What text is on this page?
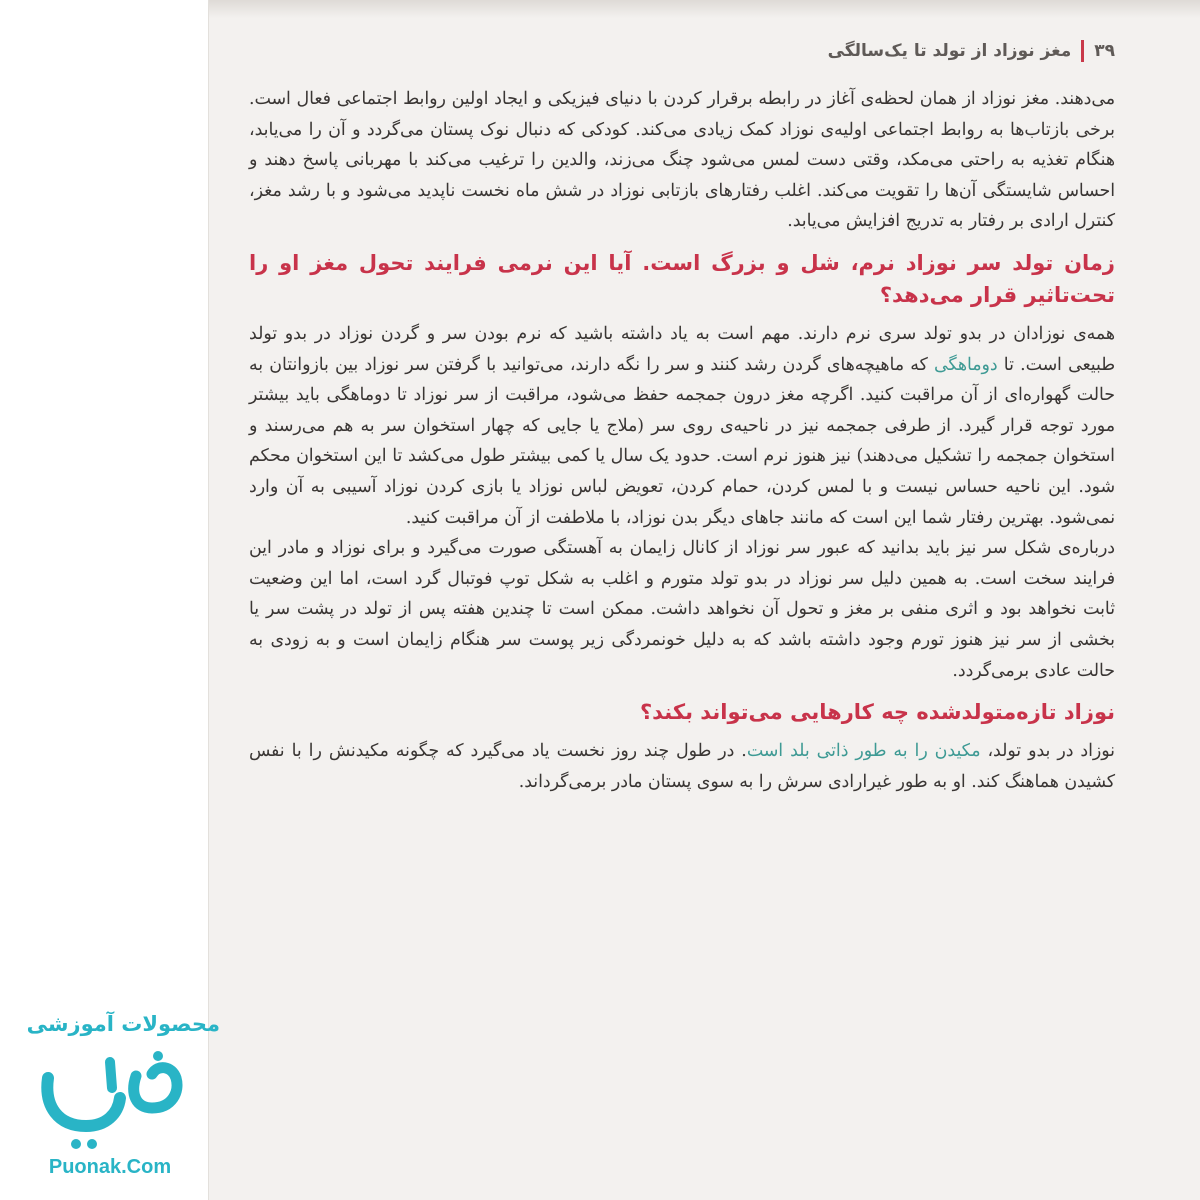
۳۹
مغز نوزاد از تولد تا یک‌سالگی

می‌دهند. مغز نوزاد از همان لحظه‌ی آغاز در رابطه برقرار کردن با دنیای فیزیکی و ایجاد اولین روابط اجتماعی فعال است. برخی بازتاب‌ها به روابط اجتماعی اولیه‌ی نوزاد کمک زیادی می‌کند. کودکی که دنبال نوک پستان می‌گردد و آن را می‌یابد، هنگام تغذیه به راحتی می‌مکد، وقتی دست لمس می‌شود چنگ می‌زند، والدین را ترغیب می‌کند با مهربانی پاسخ دهند و احساس شایستگی آن‌ها را تقویت می‌کند. اغلب رفتارهای بازتابی نوزاد در شش ماه نخست ناپدید می‌شود و با رشد مغز، کنترل ارادی بر رفتار به تدریج افزایش می‌یابد.

زمان تولد سر نوزاد نرم، شل و بزرگ است. آیا این نرمی فرایند تحول مغز او را تحت‌تاثیر قرار می‌دهد؟

همه‌ی نوزادان در بدو تولد سری نرم دارند. مهم است به یاد داشته باشید که نرم بودن سر و گردن نوزاد در بدو تولد طبیعی است. تا دوماهگی که ماهیچه‌های گردن رشد کنند و سر را نگه دارند، می‌توانید با گرفتن سر نوزاد بین بازوانتان به حالت گهواره‌ای از آن مراقبت کنید. اگرچه مغز درون جمجمه حفظ می‌شود، مراقبت از سر نوزاد تا دوماهگی باید بیشتر مورد توجه قرار گیرد. از طرفی جمجمه نیز در ناحیه‌ی روی سر (ملاج یا جایی که چهار استخوان سر به هم می‌رسند و استخوان جمجمه را تشکیل می‌دهند) نیز هنوز نرم است. حدود یک سال یا کمی بیشتر طول می‌کشد تا این استخوان محکم شود. این ناحیه حساس نیست و با لمس کردن، حمام کردن، تعویض لباس نوزاد یا بازی کردن نوزاد آسیبی به آن وارد نمی‌شود. بهترین رفتار شما این است که مانند جاهای دیگر بدن نوزاد، با ملاطفت از آن مراقبت کنید.

درباره‌ی شکل سر نیز باید بدانید که عبور سر نوزاد از کانال زایمان به آهستگی صورت می‌گیرد و برای نوزاد و مادر این فرایند سخت است. به همین دلیل سر نوزاد در بدو تولد متورم و اغلب به شکل توپ فوتبال گرد است، اما این وضعیت ثابت نخواهد بود و اثری منفی بر مغز و تحول آن نخواهد داشت. ممکن است تا چندین هفته پس از تولد در پشت سر یا بخشی از سر نیز هنوز تورم وجود داشته باشد که به دلیل خونمردگی زیر پوست سر هنگام زایمان است و به زودی به حالت عادی برمی‌گردد.

نوزاد تازه‌متولدشده چه کارهایی می‌تواند بکند؟

نوزاد در بدو تولد، مکیدن را به طور ذاتی بلد است. در طول چند روز نخست یاد می‌گیرد که چگونه مکیدنش را با نفس کشیدن هماهنگ کند. او به طور غیرارادی سرش را به سوی پستان مادر برمی‌گرداند.

محصولات آموزشی
Puonak.Com
